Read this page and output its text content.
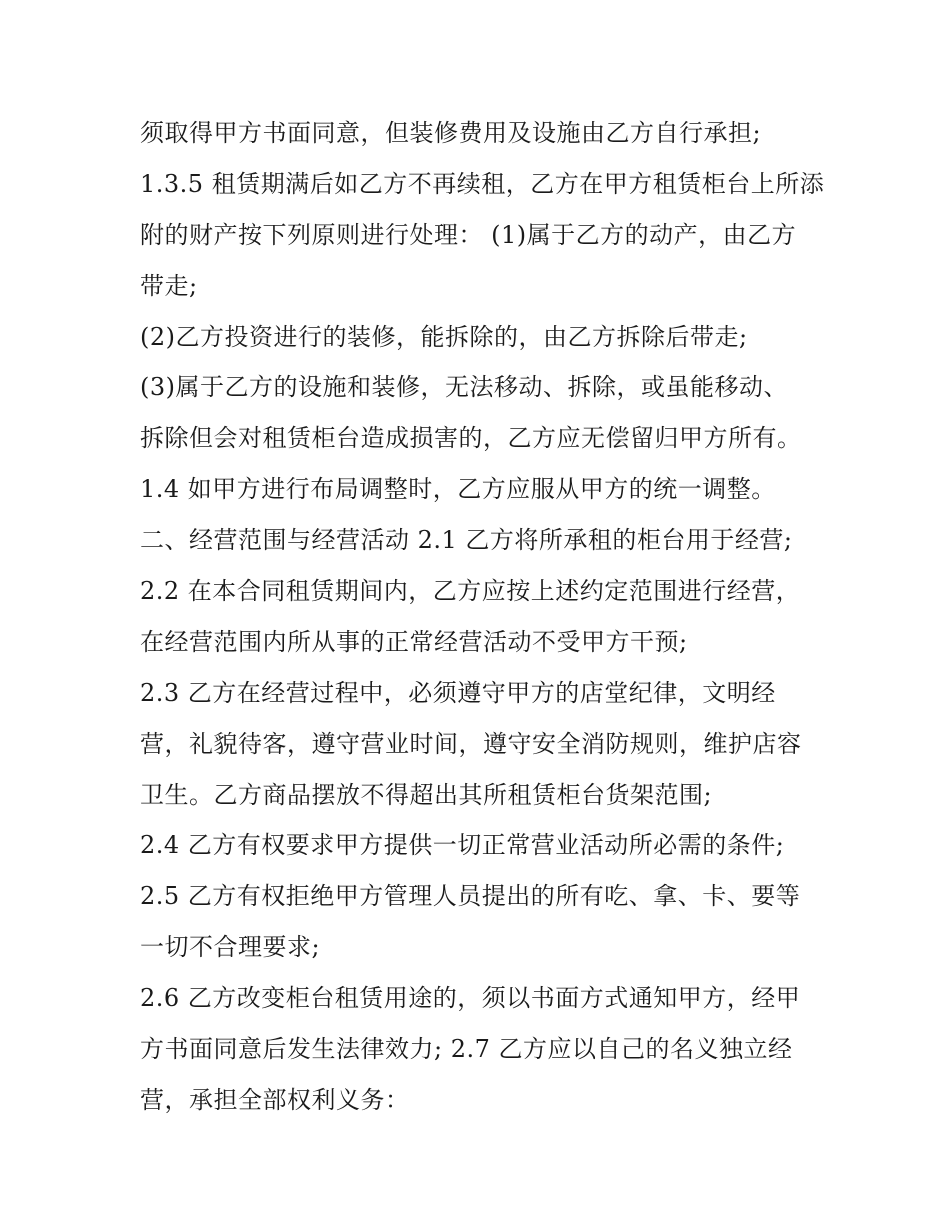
须取得甲方书面同意，但装修费用及设施由乙方自行承担;
1.3.5 租赁期满后如乙方不再续租，乙方在甲方租赁柜台上所添
附的财产按下列原则进行处理： (1)属于乙方的动产，由乙方
带走;
(2)乙方投资进行的装修，能拆除的，由乙方拆除后带走;
(3)属于乙方的设施和装修，无法移动、拆除，或虽能移动、
拆除但会对租赁柜台造成损害的，乙方应无偿留归甲方所有。
1.4 如甲方进行布局调整时，乙方应服从甲方的统一调整。
二、经营范围与经营活动 2.1 乙方将所承租的柜台用于经营;
2.2 在本合同租赁期间内，乙方应按上述约定范围进行经营，
在经营范围内所从事的正常经营活动不受甲方干预;
2.3 乙方在经营过程中，必须遵守甲方的店堂纪律，文明经
营，礼貌待客，遵守营业时间，遵守安全消防规则，维护店容
卫生。乙方商品摆放不得超出其所租赁柜台货架范围;
2.4 乙方有权要求甲方提供一切正常营业活动所必需的条件;
2.5 乙方有权拒绝甲方管理人员提出的所有吃、拿、卡、要等
一切不合理要求;
2.6 乙方改变柜台租赁用途的，须以书面方式通知甲方，经甲
方书面同意后发生法律效力; 2.7 乙方应以自己的名义独立经
营，承担全部权利义务：
